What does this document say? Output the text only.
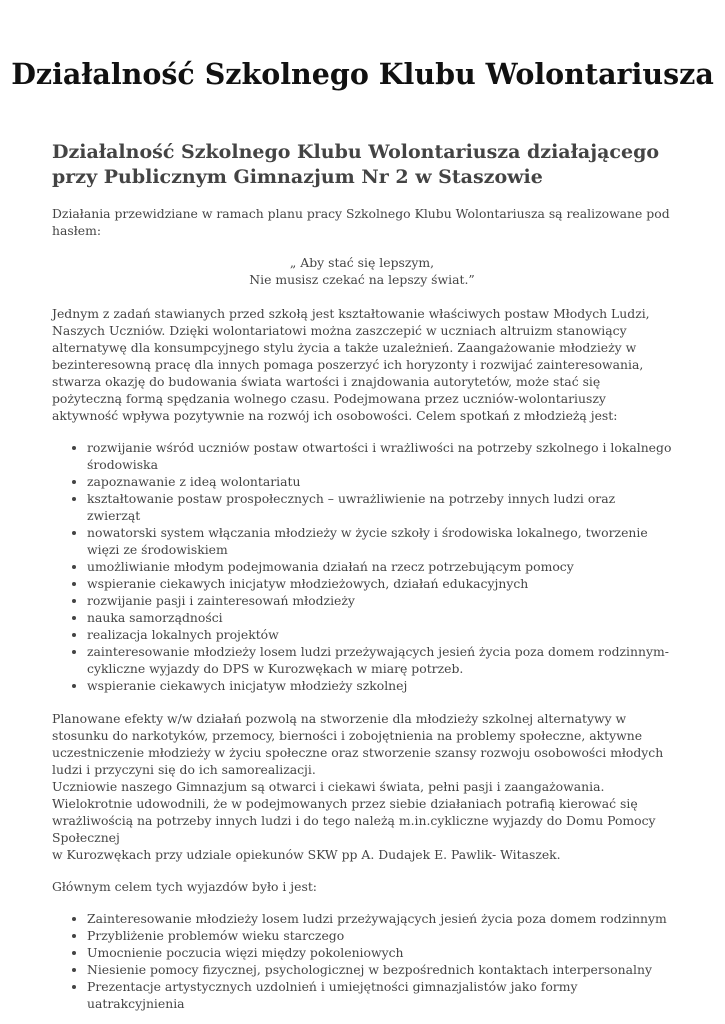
Działalność Szkolnego Klubu Wolontariusza
Działalność Szkolnego Klubu Wolontariusza działającego przy Publicznym Gimnazjum Nr 2 w Staszowie

Działania przewidziane w ramach planu pracy Szkolnego Klubu Wolontariusza są realizowane pod hasłem:

„ Aby stać się lepszym,
Nie musisz czekać na lepszy świat.”

Jednym z zadań stawianych przed szkołą jest kształtowanie właściwych postaw Młodych Ludzi, Naszych Uczniów. Dzięki wolontariatowi można zaszczepić w uczniach altruizm stanowiący alternatywę dla konsumpcyjnego stylu życia a także uzależnień. Zaangażowanie młodzieży w bezinteresowną pracę dla innych pomaga poszerzyć ich horyzonty i rozwijać zainteresowania, stwarza okazję do budowania świata wartości i znajdowania autorytetów, może stać się pożyteczną formą spędzania wolnego czasu. Podejmowana przez uczniów-wolontariuszy aktywność wpływa pozytywnie na rozwój ich osobowości. Celem spotkań z młodzieżą jest:

• rozwijanie wśród uczniów postaw otwartości i wrażliwości na potrzeby szkolnego i lokalnego środowiska
• zapoznawanie z ideą wolontariatu
• kształtowanie postaw prospołecznych – uwrażliwienie na potrzeby innych ludzi oraz zwierząt
• nowatorski system włączania młodzieży w życie szkoły i środowiska lokalnego, tworzenie więzi ze środowiskiem
• umożliwianie młodym podejmowania działań na rzecz potrzebującym pomocy
• wspieranie ciekawych inicjatyw młodzieżowych, działań edukacyjnych
• rozwijanie pasji i zainteresowań młodzieży
• nauka samorządności
• realizacja lokalnych projektów
• zainteresowanie młodzieży losem ludzi przeżywających jesień życia poza domem rodzinnym- cykliczne wyjazdy do DPS w Kurozwękach w miarę potrzeb.
• wspieranie ciekawych inicjatyw młodzieży szkolnej

Planowane efekty w/w działań pozwolą na stworzenie dla młodzieży szkolnej alternatywy w stosunku do narkotyków, przemocy, bierności i zobojętnienia na problemy społeczne, aktywne uczestniczenie młodzieży w życiu społeczne oraz stworzenie szansy rozwoju osobowości młodych ludzi i przyczyni się do ich samorealizacji.

Uczniowie naszego Gimnazjum są otwarci i ciekawi świata, pełni pasji i zaangażowania. Wielokrotnie udowodnili, że w podejmowanych przez siebie działaniach potrafią kierować się wrażliwością na potrzeby innych ludzi i do tego należą m.in.cykliczne wyjazdy do Domu Pomocy Społecznej

w Kurozwękach przy udziale opiekunów SKW pp A. Dudajek E. Pawlik- Witaszek.

Głównym celem tych wyjazdów było i jest:

• Zainteresowanie młodzieży losem ludzi przeżywających jesień życia poza domem rodzinnym
• Przybliżenie problemów wieku starczego
• Umocnienie poczucia więzi między pokoleniowych
• Niesienie pomocy fizycznej, psychologicznej w bezpośrednich kontaktach interpersonalny
• Prezentacje artystycznych uzdolnień i umiejętności gimnazjalistów jako formy uatrakcyjnienia
